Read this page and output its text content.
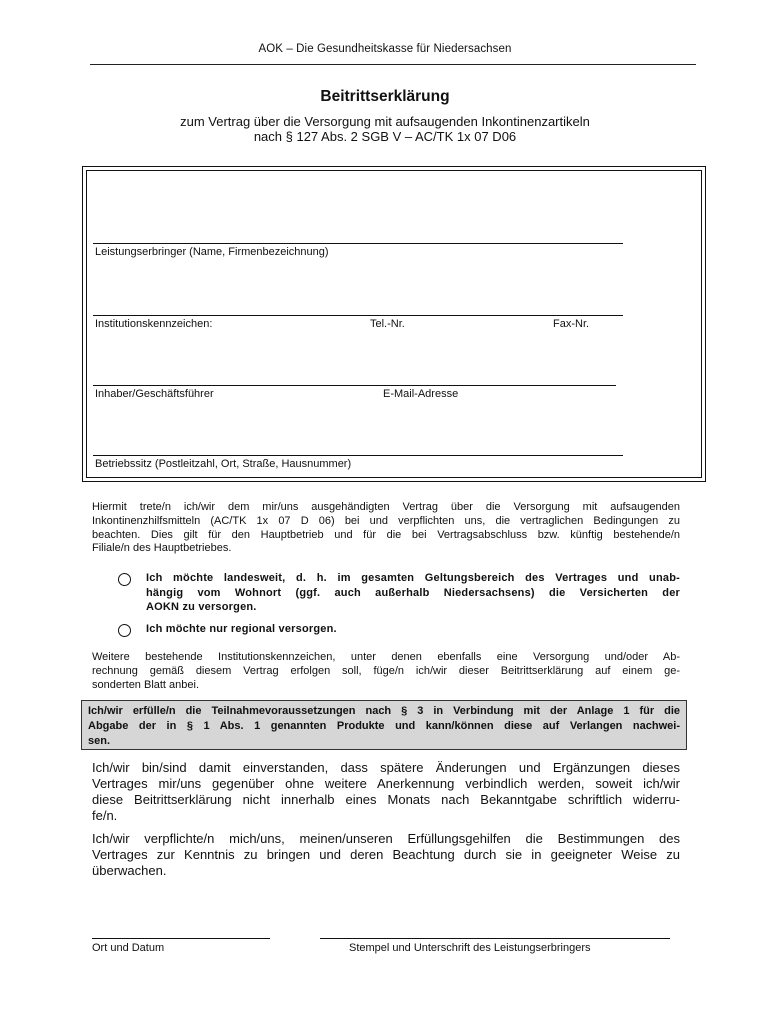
AOK – Die Gesundheitskasse für Niedersachsen
Beitrittserklärung
zum Vertrag über die Versorgung mit aufsaugenden Inkontinenzartikeln
nach § 127 Abs. 2 SGB V – AC/TK 1x 07 D06
Leistungserbringer (Name, Firmenbezeichnung)
Institutionskennzeichen:	Tel.-Nr.	Fax-Nr.
Inhaber/Geschäftsführer	E-Mail-Adresse
Betriebssitz (Postleitzahl, Ort, Straße, Hausnummer)
Hiermit trete/n ich/wir dem mir/uns ausgehändigten Vertrag über die Versorgung mit aufsaugenden
Inkontinenzhilfsmitteln (AC/TK 1x 07 D 06) bei und verpflichten uns, die vertraglichen Bedingungen zu
beachten. Dies gilt für den Hauptbetrieb und für die bei Vertragsabschluss bzw. künftig bestehende/n
Filiale/n des Hauptbetriebes.
Ich möchte landesweit, d. h. im gesamten Geltungsbereich des Vertrages und unab-
hängig vom Wohnort (ggf. auch außerhalb Niedersachsens) die Versicherten der
AOKN zu versorgen.
Ich möchte nur regional versorgen.
Weitere bestehende Institutionskennzeichen, unter denen ebenfalls eine Versorgung und/oder Ab-
rechnung gemäß diesem Vertrag erfolgen soll, füge/n ich/wir dieser Beitrittserklärung auf einem ge-
sonderten Blatt anbei.
Ich/wir erfülle/n die Teilnahmevoraussetzungen nach § 3 in Verbindung mit der Anlage 1 für die
Abgabe der in § 1 Abs. 1 genannten Produkte und kann/können diese auf Verlangen nachwei-
sen.
Ich/wir bin/sind damit einverstanden, dass spätere Änderungen und Ergänzungen dieses
Vertrages mir/uns gegenüber ohne weitere Anerkennung verbindlich werden, soweit ich/wir
diese Beitrittserklärung nicht innerhalb eines Monats nach Bekanntgabe schriftlich widerru-
fe/n.
Ich/wir verpflichte/n mich/uns, meinen/unseren Erfüllungsgehilfen die Bestimmungen des
Vertrages zur Kenntnis zu bringen und deren Beachtung durch sie in geeigneter Weise zu
überwachen.
Ort und Datum	Stempel und Unterschrift des Leistungserbringers
